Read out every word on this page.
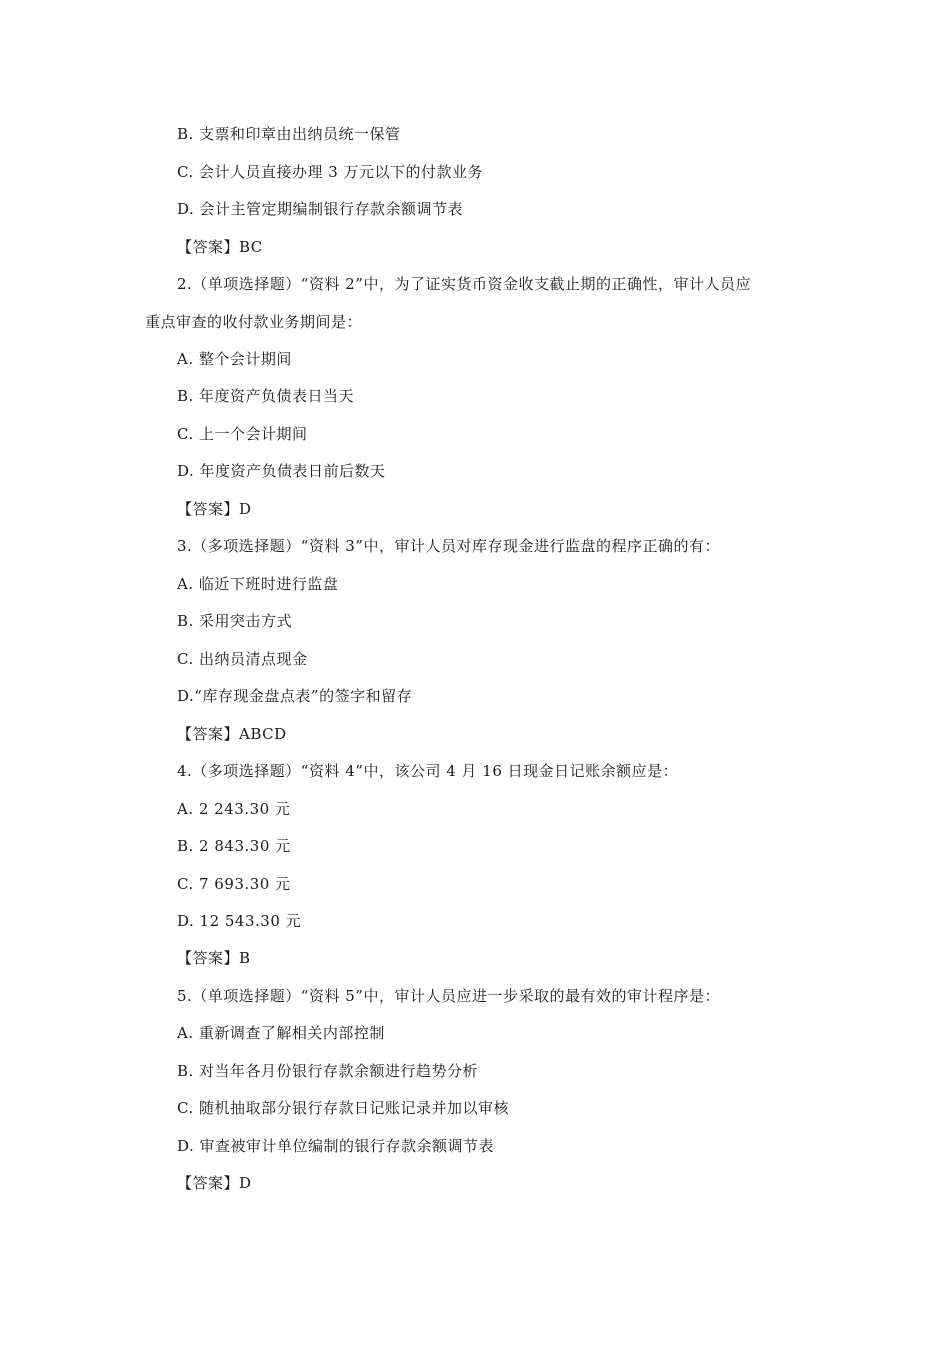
B. 支票和印章由出纳员统一保管
C. 会计人员直接办理 3 万元以下的付款业务
D. 会计主管定期编制银行存款余额调节表
【答案】BC
2.（单项选择题）“资料 2”中，为了证实货币资金收支截止期的正确性，审计人员应
重点审查的收付款业务期间是：
A. 整个会计期间
B. 年度资产负债表日当天
C. 上一个会计期间
D. 年度资产负债表日前后数天
【答案】D
3.（多项选择题）“资料 3”中，审计人员对库存现金进行监盘的程序正确的有：
A. 临近下班时进行监盘
B. 采用突击方式
C. 出纳员清点现金
D.“库存现金盘点表”的签字和留存
【答案】ABCD
4.（多项选择题）“资料 4”中，该公司 4 月 16 日现金日记账余额应是：
A. 2 243.30 元
B. 2 843.30 元
C. 7 693.30 元
D. 12 543.30 元
【答案】B
5.（单项选择题）“资料 5”中，审计人员应进一步采取的最有效的审计程序是：
A. 重新调查了解相关内部控制
B. 对当年各月份银行存款余额进行趋势分析
C. 随机抽取部分银行存款日记账记录并加以审核
D. 审查被审计单位编制的银行存款余额调节表
【答案】D
